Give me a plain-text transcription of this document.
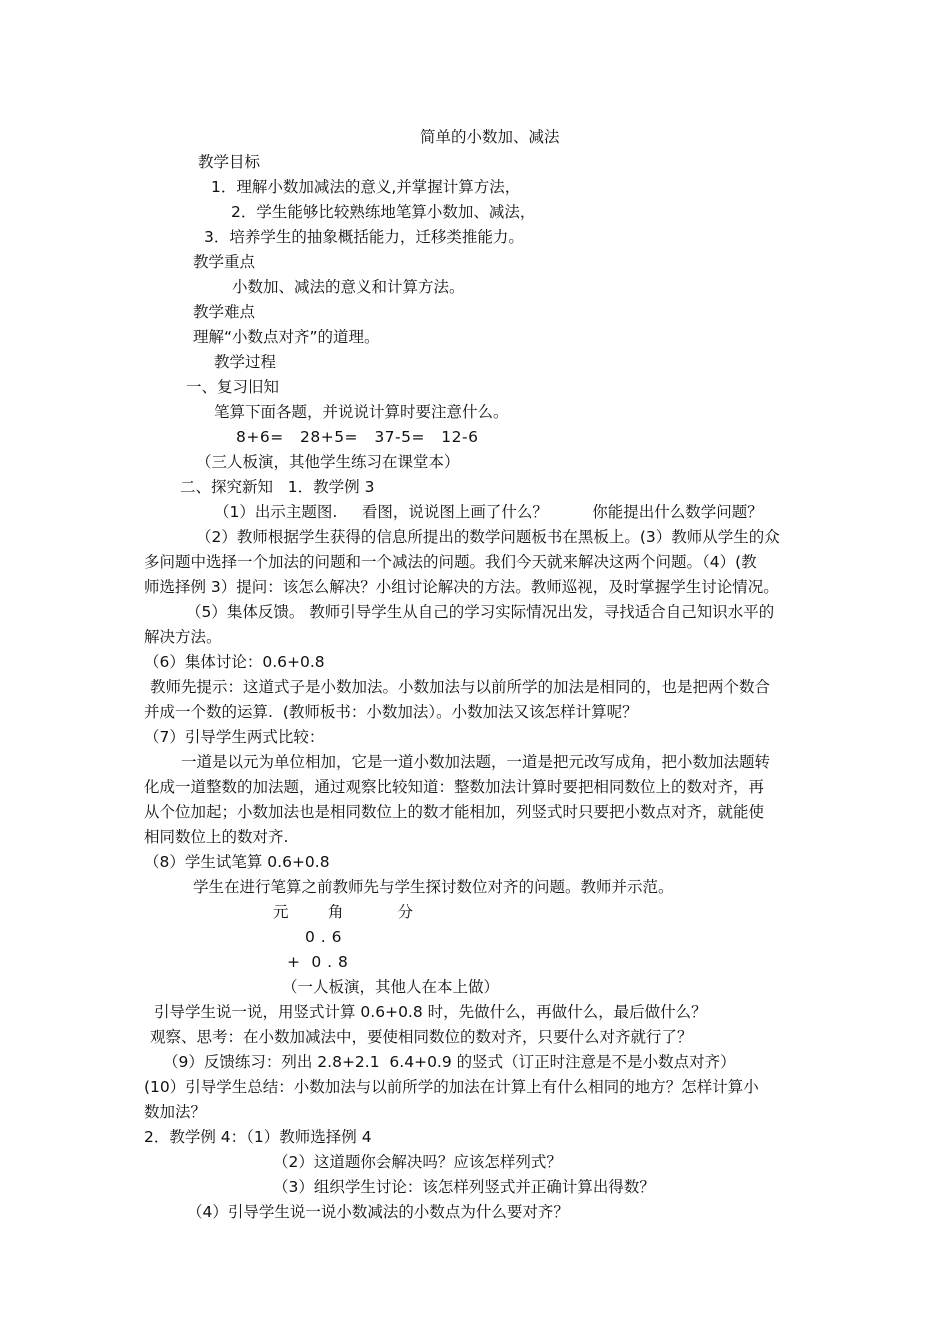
简单的小数加、减法
教学目标
1．理解小数加减法的意义,并掌握计算方法，
2．学生能够比较熟练地笔算小数加、减法，
3．培养学生的抽象概括能力，迁移类推能力。
教学重点
小数加、减法的意义和计算方法。
教学难点
理解“小数点对齐”的道理。
教学过程
一、复习旧知
笔算下面各题，并说说计算时要注意什么。
8+6=   28+5=   37-5=   12-6
（三人板演，其他学生练习在课堂本）
二、探究新知   1．教学例 3
（1）出示主题图.     看图，说说图上画了什么？         你能提出什么数学问题？
（2）教师根据学生获得的信息所提出的数学问题板书在黑板上。(3）教师从学生的众
多问题中选择一个加法的问题和一个减法的问题。我们今天就来解决这两个问题。（4）(教
师选择例 3）提问：该怎么解决？小组讨论解决的方法。教师巡视，及时掌握学生讨论情况。
（5）集体反馈。 教师引导学生从自己的学习实际情况出发，寻找适合自己知识水平的
解决方法。
（6）集体讨论：0.6+0.8
教师先提示：这道式子是小数加法。小数加法与以前所学的加法是相同的，也是把两个数合
并成一个数的运算.  (教师板书：小数加法）。小数加法又该怎样计算呢？
（7）引导学生两式比较：
一道是以元为单位相加，它是一道小数加法题，一道是把元改写成角，把小数加法题转
化成一道整数的加法题，通过观察比较知道：整数加法计算时要把相同数位上的数对齐，再
从个位加起；小数加法也是相同数位上的数才能相加，列竖式时只要把小数点对齐，就能使
相同数位上的数对齐.
（8）学生试笔算 0.6+0.8
学生在进行笔算之前教师先与学生探讨数位对齐的问题。教师并示范。
元        角           分
0 . 6
+  0 . 8
（一人板演，其他人在本上做）
引导学生说一说，用竖式计算 0.6+0.8 时，先做什么，再做什么，最后做什么？
观察、思考：在小数加减法中，要使相同数位的数对齐，只要什么对齐就行了？
（9）反馈练习：列出 2.8+2.1  6.4+0.9 的竖式（订正时注意是不是小数点对齐）
(10）引导学生总结：小数加法与以前所学的加法在计算上有什么相同的地方？怎样计算小
数加法？
2．教学例 4：（1）教师选择例 4
（2）这道题你会解决吗？应该怎样列式？
（3）组织学生讨论：该怎样列竖式并正确计算出得数？
（4）引导学生说一说小数减法的小数点为什么要对齐？
